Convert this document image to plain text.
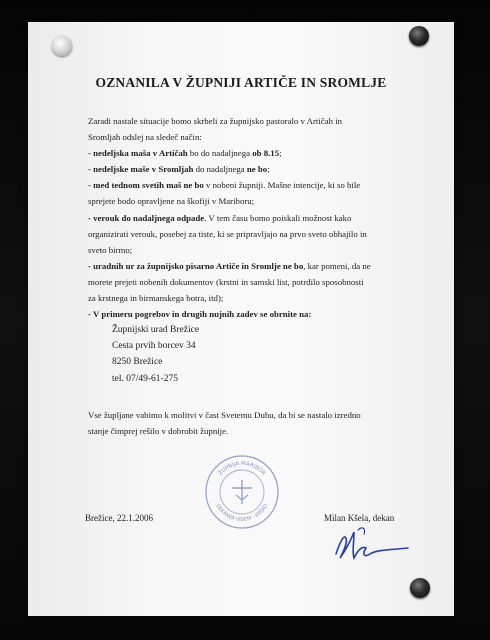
OZNANILA V ŽUPNIJI ARTIČE IN SROMLJE

Zaradi nastale situacije bomo skrbeli za župnijsko pastoralo v Artičah in

Sromljah odslej na sledeč način:

- nedeljska maša v Artičah bo do nadaljnega ob 8.15;

- nedeljske maše v Sromljah do nadaljnega ne bo;

- med tednom svetih maš ne bo v nobeni župniji. Mašne intencije, ki so bile

sprejete bodo opravljene na škofiji v Mariboru;

- verouk do nadaljnega odpade. V tem času bomo poiskali možnost kako

organizirati verouk, posebej za tiste, ki se pripravljajo na prvo sveto obhajilo in

sveto birmo;

- uradnih ur za župnijsko pisarno Artiče in Sromlje ne bo, kar pomeni, da ne

morete prejeti nobenih dokumentov (krstni in samski list, potrdilo sposobnosti

za krstnega in birmanskega botra, itd);

- V primeru pogrebov in drugih nujnih zadev se obrnite na:

Župnijski urad Brežice

Cesta prvih borcev 34

8250 Brežice

tel. 07/49-61-275

Vse župljane vabimo k molitvi v čast Svetemu Duhu, da bi se nastalo izredno

stanje čimprej rešilo v dobrobit župnije.

ŽUPNIJA MARIBOR
DEKANIJA VIDEM - KRŠKO
Brežice, 22.1.2006	Milan Kšela, dekan
